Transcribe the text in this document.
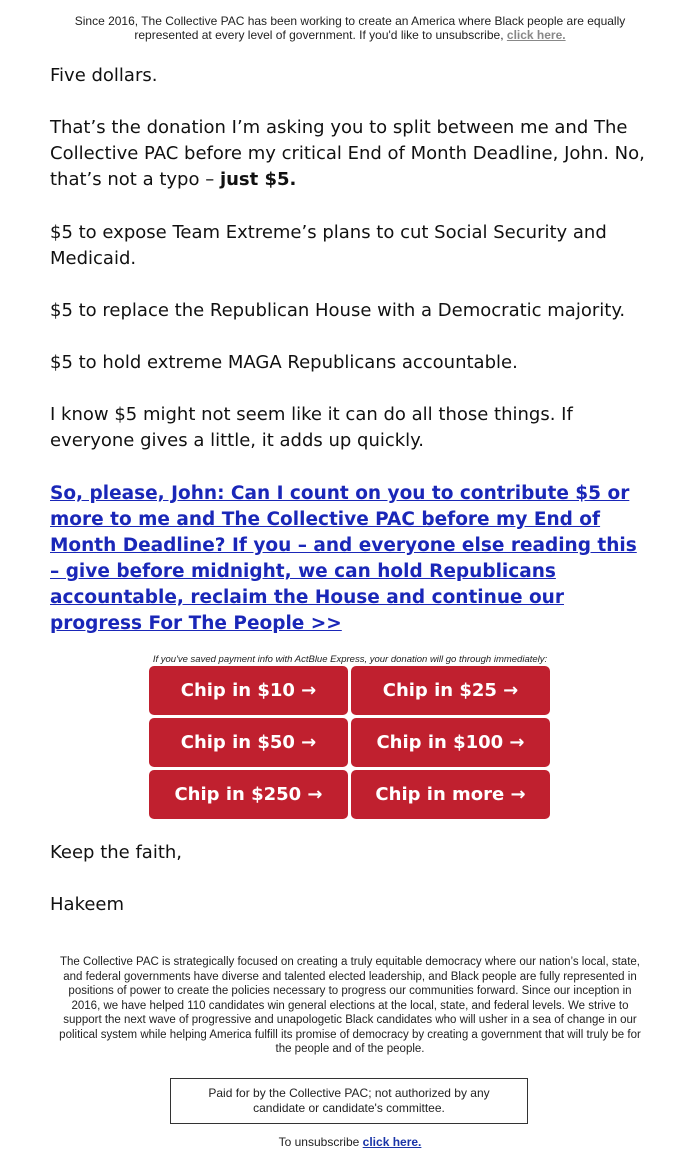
Since 2016, The Collective PAC has been working to create an America where Black people are equally represented at every level of government. If you'd like to unsubscribe, click here.

Five dollars.

That’s the donation I’m asking you to split between me and The Collective PAC before my critical End of Month Deadline, John. No, that’s not a typo – just $5.

$5 to expose Team Extreme’s plans to cut Social Security and Medicaid.

$5 to replace the Republican House with a Democratic majority.

$5 to hold extreme MAGA Republicans accountable.

I know $5 might not seem like it can do all those things. If everyone gives a little, it adds up quickly.

So, please, John: Can I count on you to contribute $5 or more to me and The Collective PAC before my End of Month Deadline? If you – and everyone else reading this – give before midnight, we can hold Republicans accountable, reclaim the House and continue our progress For The People >>
If you've saved payment info with ActBlue Express, your donation will go through immediately:
Chip in $10 →	Chip in $25 →
Chip in $50 →	Chip in $100 →
Chip in $250 →	Chip in more →
Keep the faith,
Hakeem
The Collective PAC is strategically focused on creating a truly equitable democracy where our nation’s local, state, and federal governments have diverse and talented elected leadership, and Black people are fully represented in positions of power to create the policies necessary to progress our communities forward. Since our inception in 2016, we have helped 110 candidates win general elections at the local, state, and federal levels. We strive to support the next wave of progressive and unapologetic Black candidates who will usher in a sea of change in our political system while helping America fulfill its promise of democracy by creating a government that will truly be for the people and of the people.
Paid for by the Collective PAC; not authorized by any candidate or candidate's committee.
To unsubscribe click here.
